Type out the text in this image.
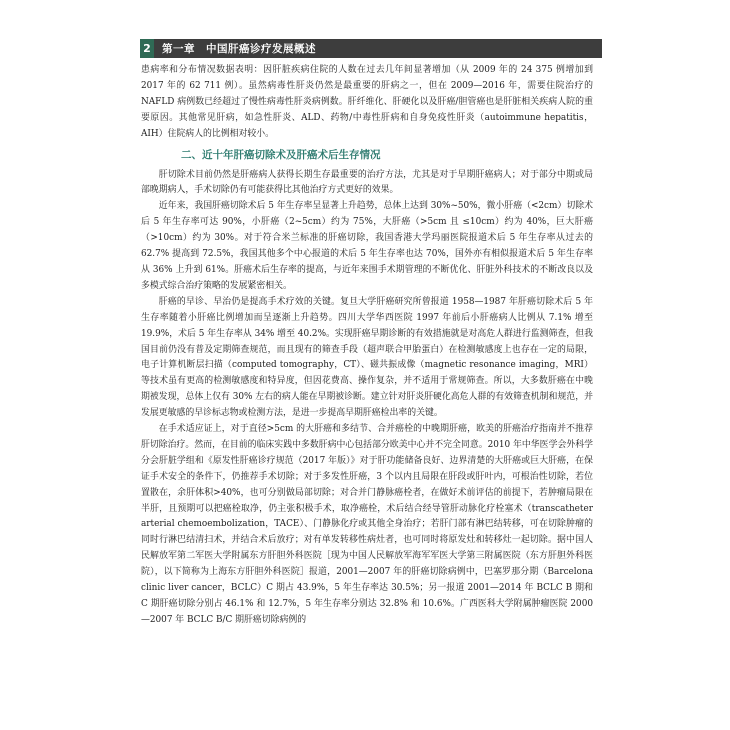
2	第一章　中国肝癌诊疗发展概述

患病率和分布情况数据表明：因肝脏疾病住院的人数在过去几年间显著增加（从 2009 年的 24 375 例增加到 2017 年的 62 711 例）。虽然病毒性肝炎仍然是最重要的肝病之一，但在 2009—2016 年，需要住院治疗的 NAFLD 病例数已经超过了慢性病毒性肝炎病例数。肝纤维化、肝硬化以及肝癌/胆管癌也是肝脏相关疾病人院的重要原因。其他常见肝病，如急性肝炎、ALD、药物/中毒性肝病和自身免疫性肝炎（autoimmune hepatitis，AIH）住院病人的比例相对较小。

二、近十年肝癌切除术及肝癌术后生存情况

肝切除术目前仍然是肝癌病人获得长期生存最重要的治疗方法，尤其是对于早期肝癌病人；对于部分中期或局部晚期病人，手术切除仍有可能获得比其他治疗方式更好的效果。

近年来，我国肝癌切除术后 5 年生存率呈显著上升趋势，总体上达到 30%~50%，微小肝癌（<2cm）切除术后 5 年生存率可达 90%，小肝癌（2~5cm）约为 75%，大肝癌（>5cm 且 ≤10cm）约为 40%，巨大肝癌（>10cm）约为 30%。对于符合米兰标准的肝癌切除，我国香港大学玛丽医院报道术后 5 年生存率从过去的 62.7% 提高到 72.5%，我国其他多个中心报道的术后 5 年生存率也达 70%，国外亦有相似报道术后 5 年生存率从 36% 上升到 61%。肝癌术后生存率的提高，与近年来围手术期管理的不断优化、肝脏外科技术的不断改良以及多模式综合治疗策略的发展紧密相关。

肝癌的早诊、早治仍是提高手术疗效的关键。复旦大学肝癌研究所曾报道 1958—1987 年肝癌切除术后 5 年生存率随着小肝癌比例增加而呈逐渐上升趋势。四川大学华西医院 1997 年前后小肝癌病人比例从 7.1% 增至 19.9%，术后 5 年生存率从 34% 增至 40.2%。实现肝癌早期诊断的有效措施就是对高危人群进行监测筛查，但我国目前仍没有普及定期筛查规范，而且现有的筛查手段（超声联合甲胎蛋白）在检测敏感度上也存在一定的局限，电子计算机断层扫描（computed tomography，CT）、磁共振成像（magnetic resonance imaging，MRI）等技术虽有更高的检测敏感度和特异度，但因花费高、操作复杂，并不适用于常规筛查。所以，大多数肝癌在中晚期被发现，总体上仅有 30% 左右的病人能在早期被诊断。建立针对肝炎肝硬化高危人群的有效筛查机制和规范，并发展更敏感的早诊标志物或检测方法，是进一步提高早期肝癌检出率的关键。

在手术适应证上，对于直径>5cm 的大肝癌和多结节、合并癌栓的中晚期肝癌，欧美的肝癌治疗指南并不推荐肝切除治疗。然而，在目前的临床实践中多数肝病中心包括部分欧美中心并不完全同意。2010 年中华医学会外科学分会肝脏学组和《原发性肝癌诊疗规范（2017 年版）》对于肝功能储备良好、边界清楚的大肝癌或巨大肝癌，在保证手术安全的条件下，仍推荐手术切除；对于多发性肝癌，3 个以内且局限在肝段或肝叶内，可根治性切除，若位置散在，余肝体积>40%，也可分别做局部切除；对合并门静脉癌栓者，在做好术前评估的前提下，若肿瘤局限在半肝，且预期可以把癌栓取净，仍主张积极手术，取净癌栓，术后结合经导管肝动脉化疗栓塞术（transcatheter arterial chemoembolization，TACE）、门静脉化疗或其他全身治疗；若肝门部有淋巴结转移，可在切除肿瘤的同时行淋巴结清扫术，并结合术后放疗；对有单发转移性病灶者，也可同时将原发灶和转移灶一起切除。据中国人民解放军第二军医大学附属东方肝胆外科医院［现为中国人民解放军海军军医大学第三附属医院（东方肝胆外科医院），以下简称为上海东方肝胆外科医院］报道，2001—2007 年的肝癌切除病例中，巴塞罗那分期（Barcelona clinic liver cancer，BCLC）C 期占 43.9%，5 年生存率达 30.5%；另一报道 2001—2014 年 BCLC B 期和 C 期肝癌切除分别占 46.1% 和 12.7%，5 年生存率分别达 32.8% 和 10.6%。广西医科大学附属肿瘤医院 2000—2007 年 BCLC B/C 期肝癌切除病例的
